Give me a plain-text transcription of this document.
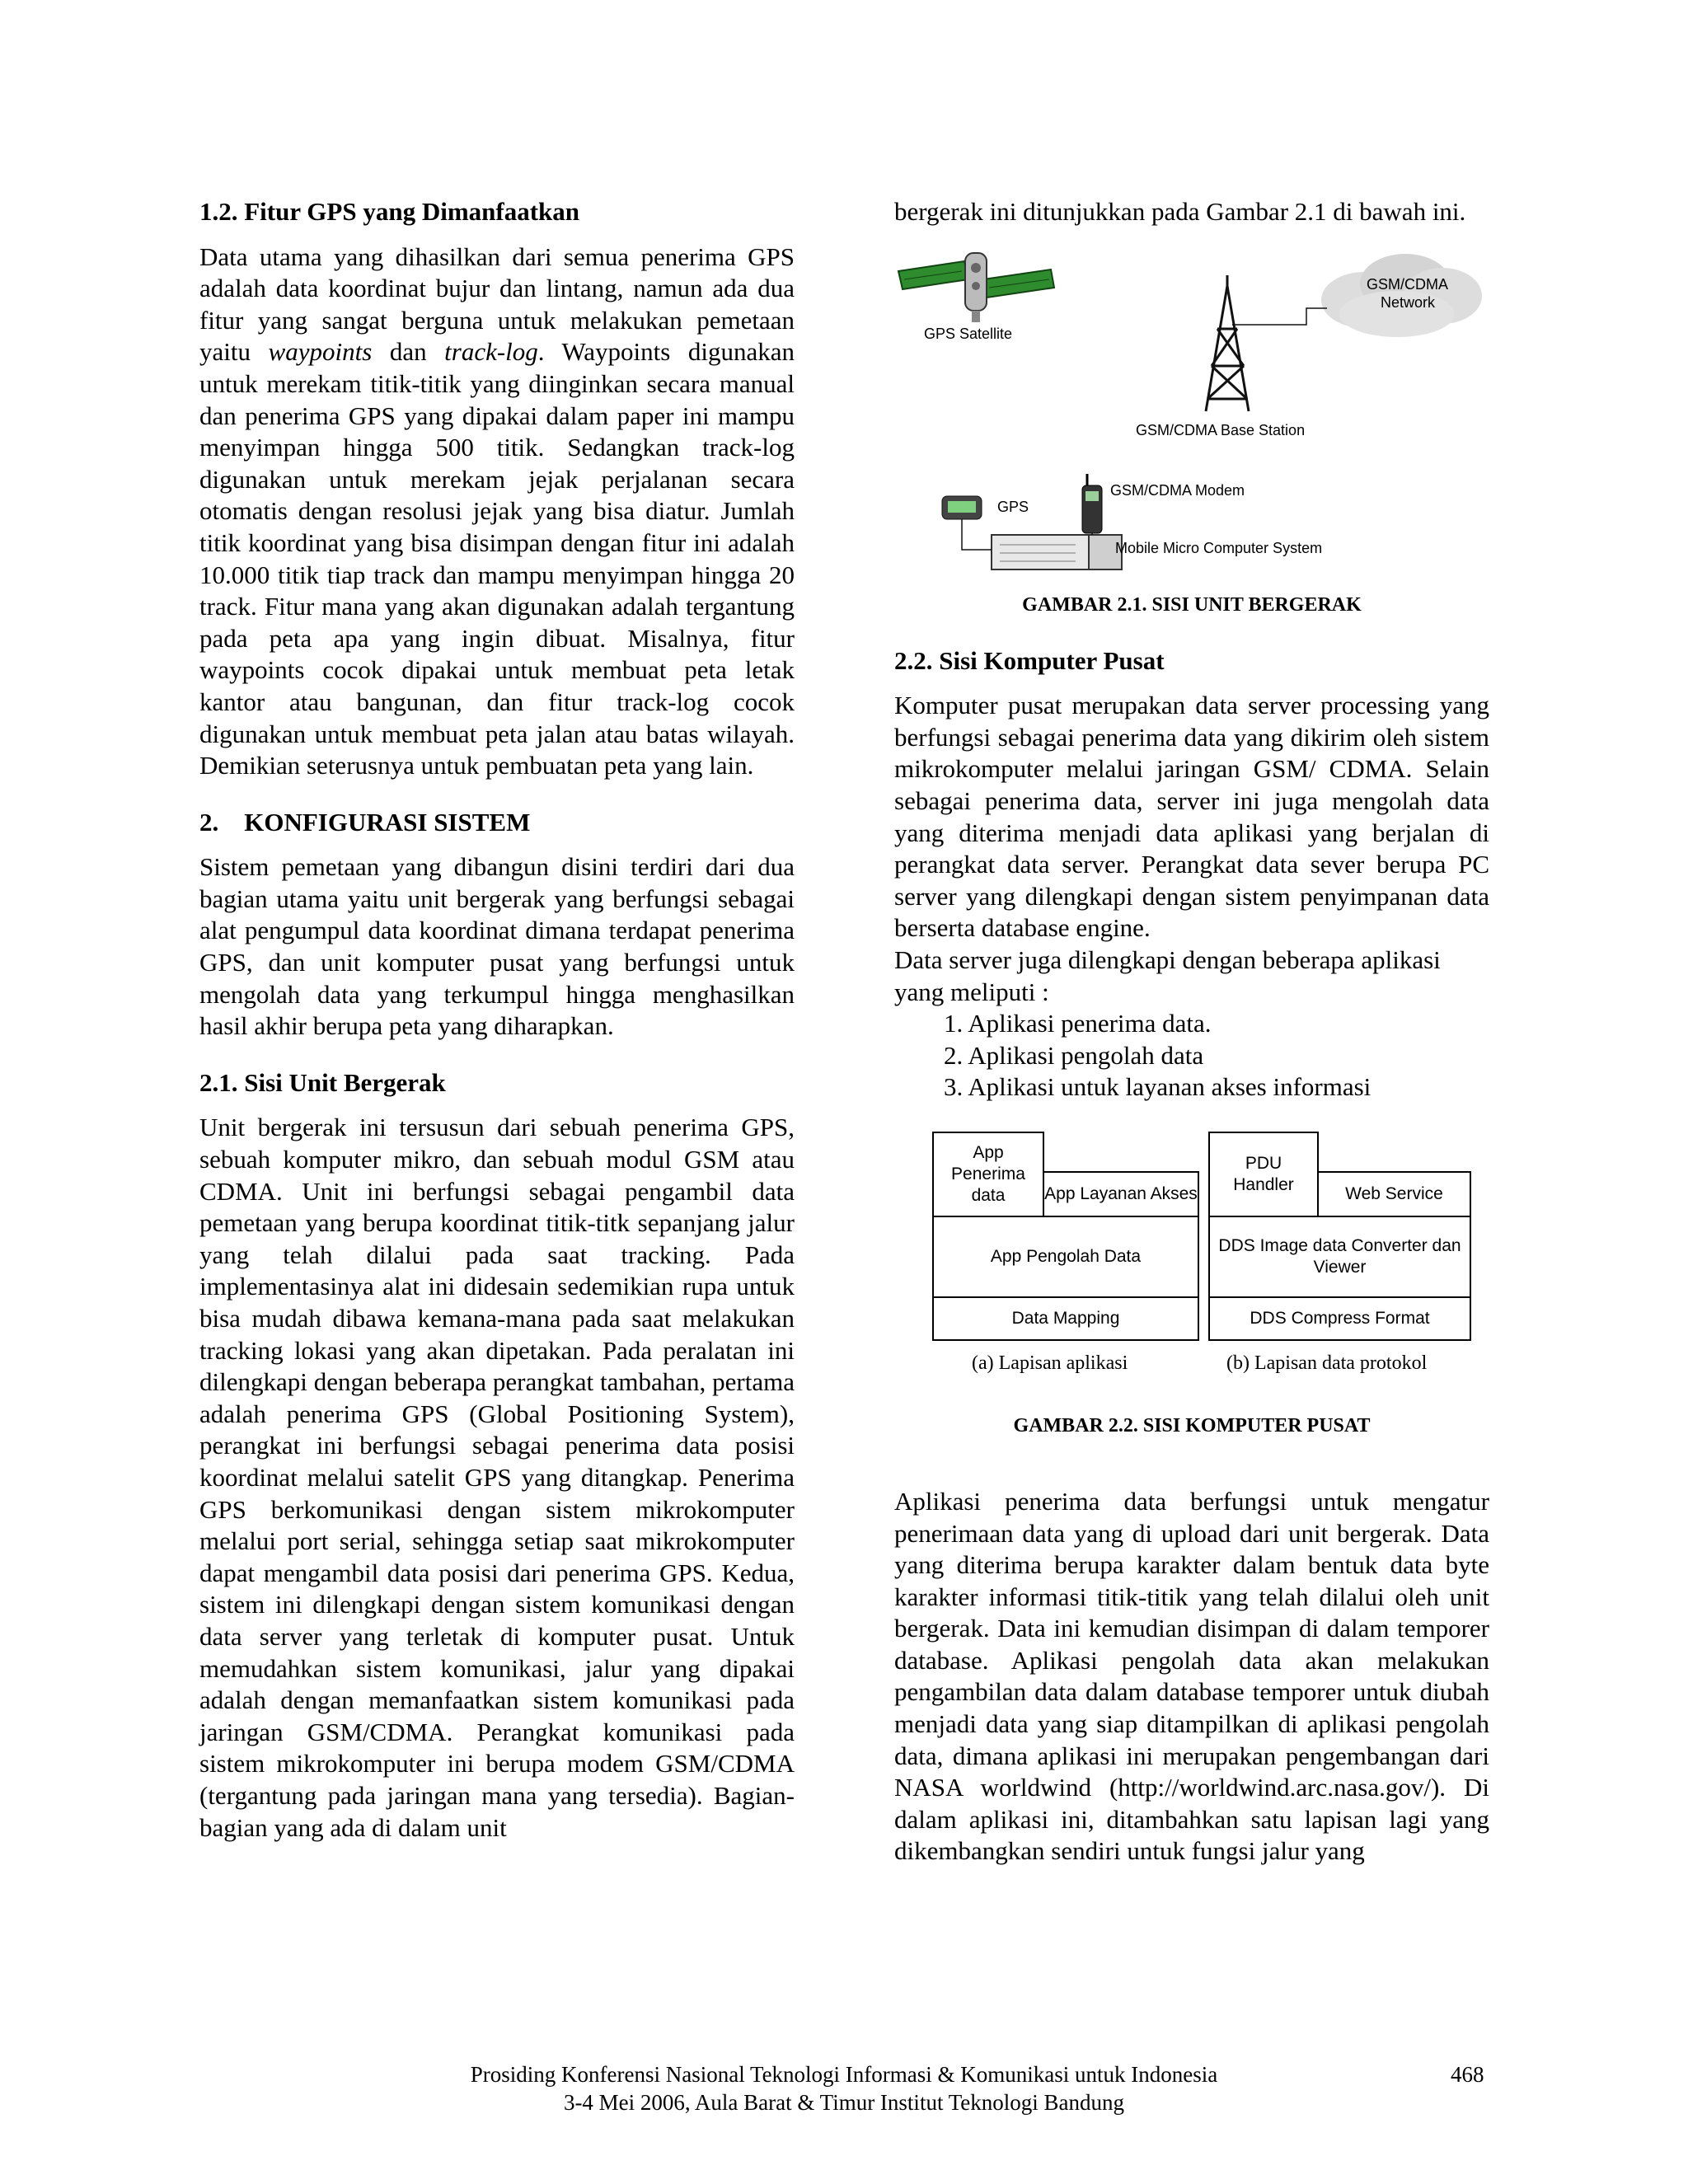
1.2. Fitur GPS yang Dimanfaatkan

Data utama yang dihasilkan dari semua penerima GPS adalah data koordinat bujur dan lintang, namun ada dua fitur yang sangat berguna untuk melakukan pemetaan yaitu waypoints dan track-log. Waypoints digunakan untuk merekam titik-titik yang diinginkan secara manual dan penerima GPS yang dipakai dalam paper ini mampu menyimpan hingga 500 titik. Sedangkan track-log digunakan untuk merekam jejak perjalanan secara otomatis dengan resolusi jejak yang bisa diatur. Jumlah titik koordinat yang bisa disimpan dengan fitur ini adalah 10.000 titik tiap track dan mampu menyimpan hingga 20 track. Fitur mana yang akan digunakan adalah tergantung pada peta apa yang ingin dibuat. Misalnya, fitur waypoints cocok dipakai untuk membuat peta letak kantor atau bangunan, dan fitur track-log cocok digunakan untuk membuat peta jalan atau batas wilayah. Demikian seterusnya untuk pembuatan peta yang lain.

2.    KONFIGURASI SISTEM

Sistem pemetaan yang dibangun disini terdiri dari dua bagian utama yaitu unit bergerak yang berfungsi sebagai alat pengumpul data koordinat dimana terdapat penerima GPS, dan unit komputer pusat yang berfungsi untuk mengolah data yang terkumpul hingga menghasilkan hasil akhir berupa peta yang diharapkan.

2.1. Sisi Unit Bergerak

Unit bergerak ini tersusun dari sebuah penerima GPS, sebuah komputer mikro, dan sebuah modul GSM atau CDMA. Unit ini berfungsi sebagai pengambil data pemetaan yang berupa koordinat titik-titk sepanjang jalur yang telah dilalui pada saat tracking. Pada implementasinya alat ini didesain sedemikian rupa untuk bisa mudah dibawa kemana-mana pada saat melakukan tracking lokasi yang akan dipetakan. Pada peralatan ini dilengkapi dengan beberapa perangkat tambahan, pertama adalah penerima GPS (Global Positioning System), perangkat ini berfungsi sebagai penerima data posisi koordinat melalui satelit GPS yang ditangkap. Penerima GPS berkomunikasi dengan sistem mikrokomputer melalui port serial, sehingga setiap saat mikrokomputer dapat mengambil data posisi dari penerima GPS. Kedua, sistem ini dilengkapi dengan sistem komunikasi dengan data server yang terletak di komputer pusat. Untuk memudahkan sistem komunikasi, jalur yang dipakai adalah dengan memanfaatkan sistem komunikasi pada jaringan GSM/CDMA. Perangkat komunikasi pada sistem mikrokomputer ini berupa modem GSM/CDMA (tergantung pada jaringan mana yang tersedia). Bagian-bagian yang ada di dalam unit

bergerak ini ditunjukkan pada Gambar 2.1 di bawah ini.

GPS Satellite
GSM/CDMA
Network
GSM/CDMA Base Station
GPS
GSM/CDMA Modem
Mobile Micro Computer System

GAMBAR 2.1. SISI UNIT BERGERAK

2.2. Sisi Komputer Pusat

Komputer pusat merupakan data server processing yang berfungsi sebagai penerima data yang dikirim oleh sistem mikrokomputer melalui jaringan GSM/ CDMA. Selain sebagai penerima data, server ini juga mengolah data yang diterima menjadi data aplikasi yang berjalan di perangkat data server. Perangkat data sever berupa PC server yang dilengkapi dengan sistem penyimpanan data berserta database engine.

Data server juga dilengkapi dengan beberapa aplikasi yang meliputi :

1. Aplikasi penerima data.
2. Aplikasi pengolah data
3. Aplikasi untuk layanan akses informasi
App Penerima data	App Layanan Akses
App Pengolah Data
Data Mapping
PDU Handler	Web Service
DDS Image data Converter dan Viewer
DDS Compress Format
(a) Lapisan aplikasi	(b) Lapisan data protokol

GAMBAR 2.2. SISI KOMPUTER PUSAT

Aplikasi penerima data berfungsi untuk mengatur penerimaan data yang di upload dari unit bergerak. Data yang diterima berupa karakter dalam bentuk data byte karakter informasi titik-titik yang telah dilalui oleh unit bergerak. Data ini kemudian disimpan di dalam temporer database. Aplikasi pengolah data akan melakukan pengambilan data dalam database temporer untuk diubah menjadi data yang siap ditampilkan di aplikasi pengolah data, dimana aplikasi ini merupakan pengembangan dari NASA worldwind (http://worldwind.arc.nasa.gov/). Di dalam aplikasi ini, ditambahkan satu lapisan lagi yang dikembangkan sendiri untuk fungsi jalur yang

Prosiding Konferensi Nasional Teknologi Informasi & Komunikasi untuk Indonesia
3-4 Mei 2006, Aula Barat & Timur Institut Teknologi Bandung
468
